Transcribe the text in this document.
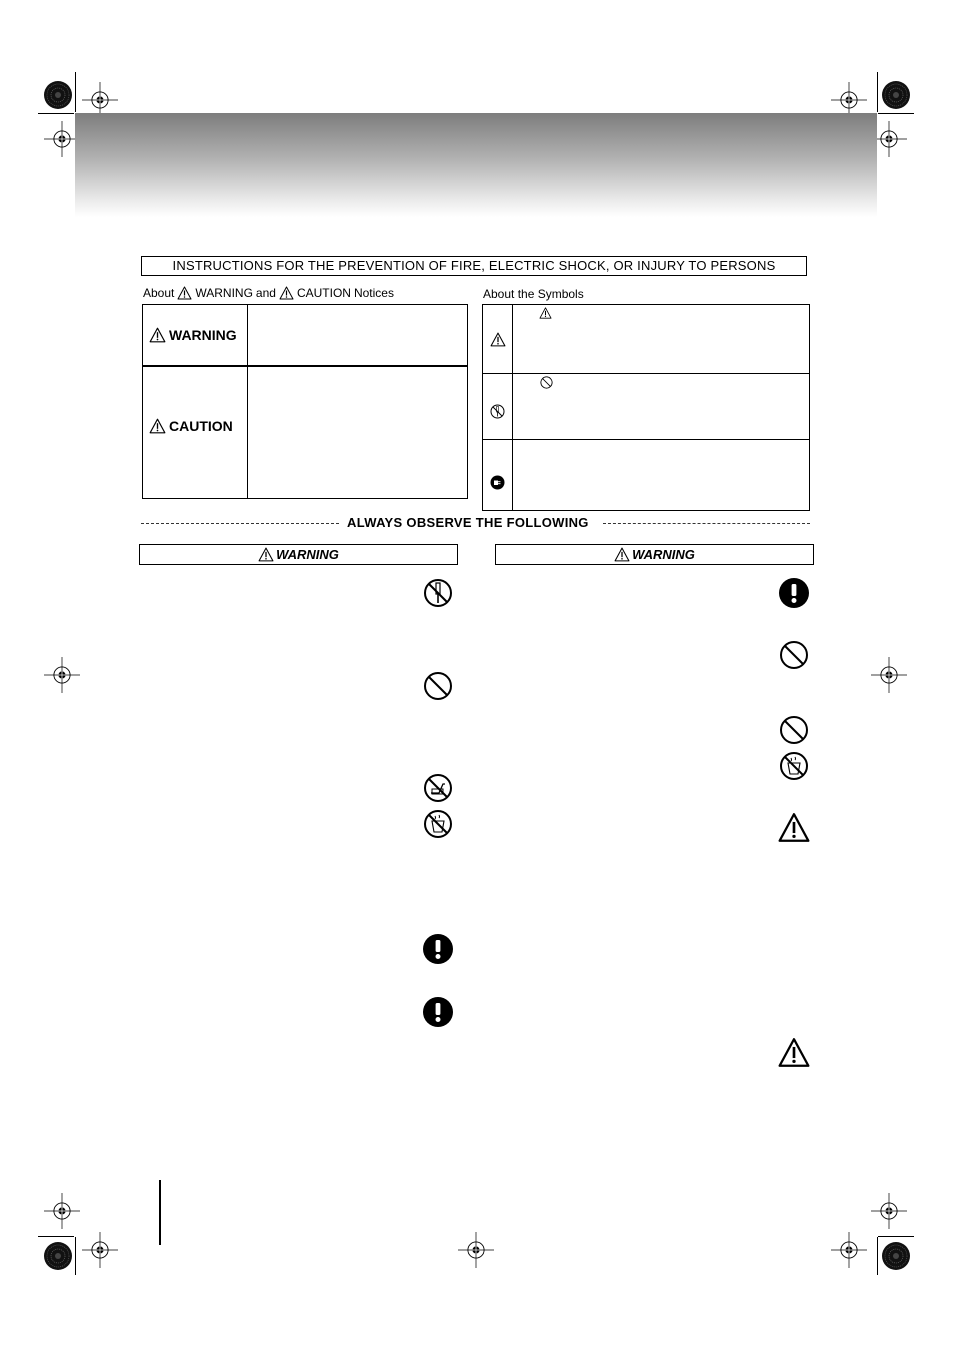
INSTRUCTIONS FOR THE PREVENTION OF FIRE, ELECTRIC SHOCK, OR INJURY TO PERSONS
About WARNING and CAUTION Notices	About the Symbols
WARNING
CAUTION
ALWAYS OBSERVE THE FOLLOWING
WARNING	WARNING
